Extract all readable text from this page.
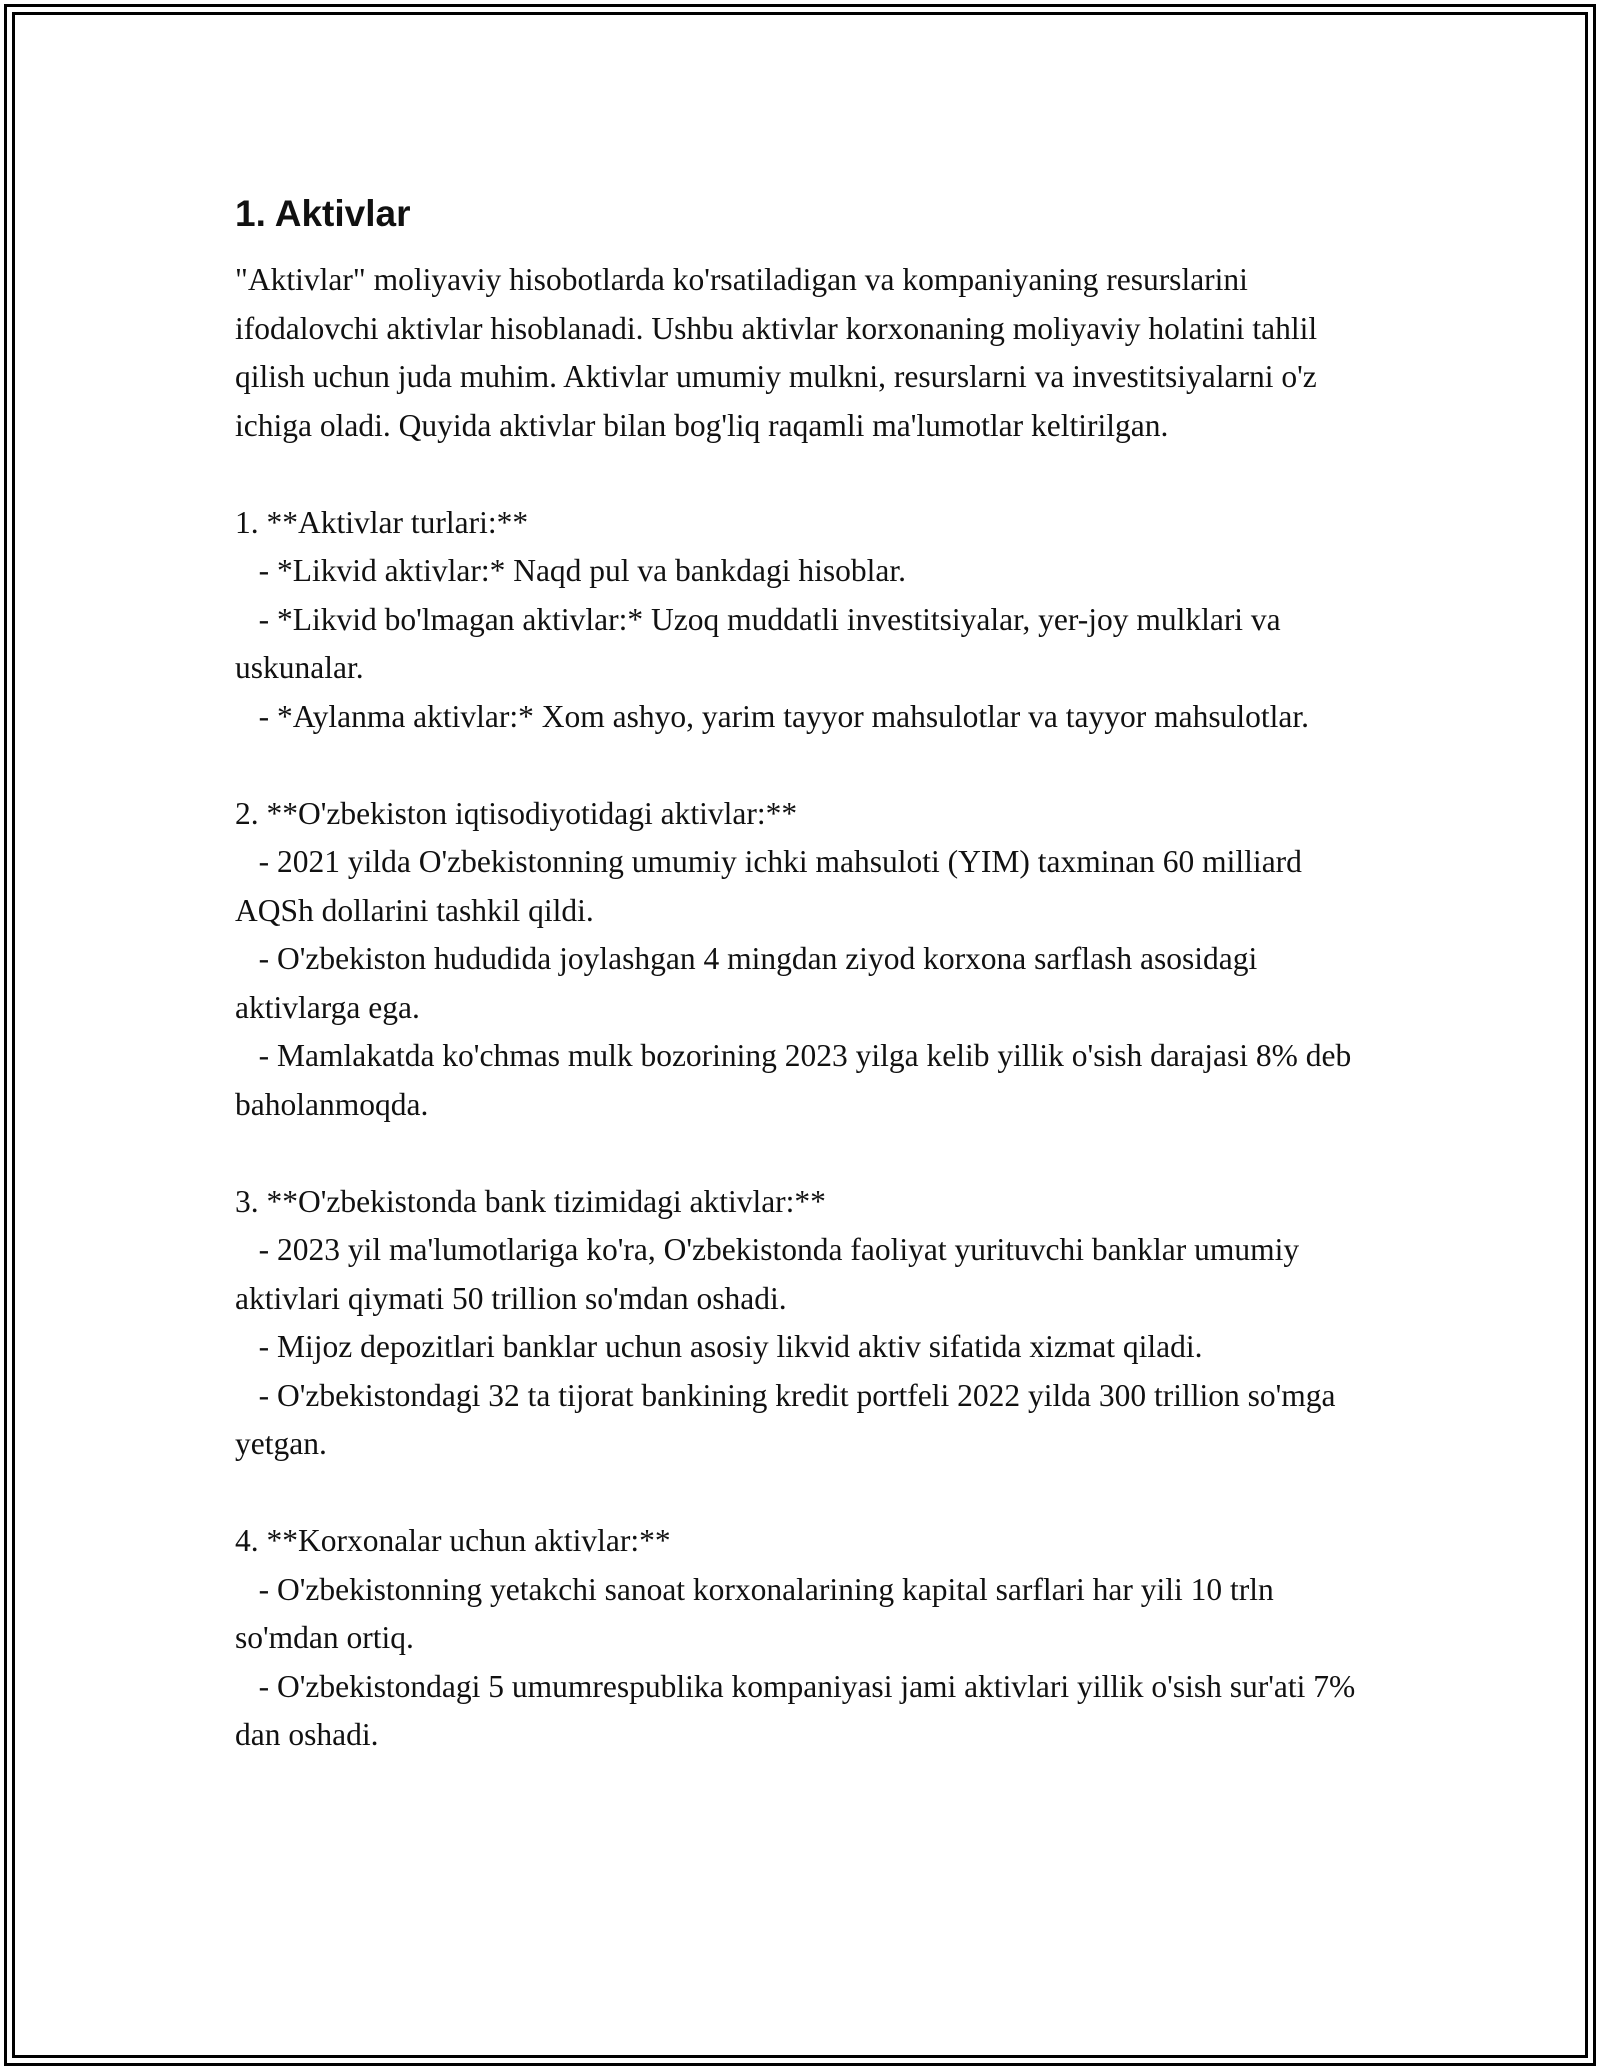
1. Aktivlar

"Aktivlar" moliyaviy hisobotlarda ko'rsatiladigan va kompaniyaning resurslarini ifodalovchi aktivlar hisoblanadi. Ushbu aktivlar korxonaning moliyaviy holatini tahlil qilish uchun juda muhim. Aktivlar umumiy mulkni, resurslarni va investitsiyalarni o'z ichiga oladi. Quyida aktivlar bilan bog'liq raqamli ma'lumotlar keltirilgan.

1. **Aktivlar turlari:**

- *Likvid aktivlar:* Naqd pul va bankdagi hisoblar.

- *Likvid bo'lmagan aktivlar:* Uzoq muddatli investitsiyalar, yer-joy mulklari va uskunalar.

- *Aylanma aktivlar:* Xom ashyo, yarim tayyor mahsulotlar va tayyor mahsulotlar.

2. **O'zbekiston iqtisodiyotidagi aktivlar:**

- 2021 yilda O'zbekistonning umumiy ichki mahsuloti (YIM) taxminan 60 milliard AQSh dollarini tashkil qildi.

- O'zbekiston hududida joylashgan 4 mingdan ziyod korxona sarflash asosidagi aktivlarga ega.

- Mamlakatda ko'chmas mulk bozorining 2023 yilga kelib yillik o'sish darajasi 8% deb baholanmoqda.

3. **O'zbekistonda bank tizimidagi aktivlar:**

- 2023 yil ma'lumotlariga ko'ra, O'zbekistonda faoliyat yurituvchi banklar umumiy aktivlari qiymati 50 trillion so'mdan oshadi.

- Mijoz depozitlari banklar uchun asosiy likvid aktiv sifatida xizmat qiladi.

- O'zbekistondagi 32 ta tijorat bankining kredit portfeli 2022 yilda 300 trillion so'mga yetgan.

4. **Korxonalar uchun aktivlar:**

- O'zbekistonning yetakchi sanoat korxonalarining kapital sarflari har yili 10 trln so'mdan ortiq.

- O'zbekistondagi 5 umumrespublika kompaniyasi jami aktivlari yillik o'sish sur'ati 7% dan oshadi.
